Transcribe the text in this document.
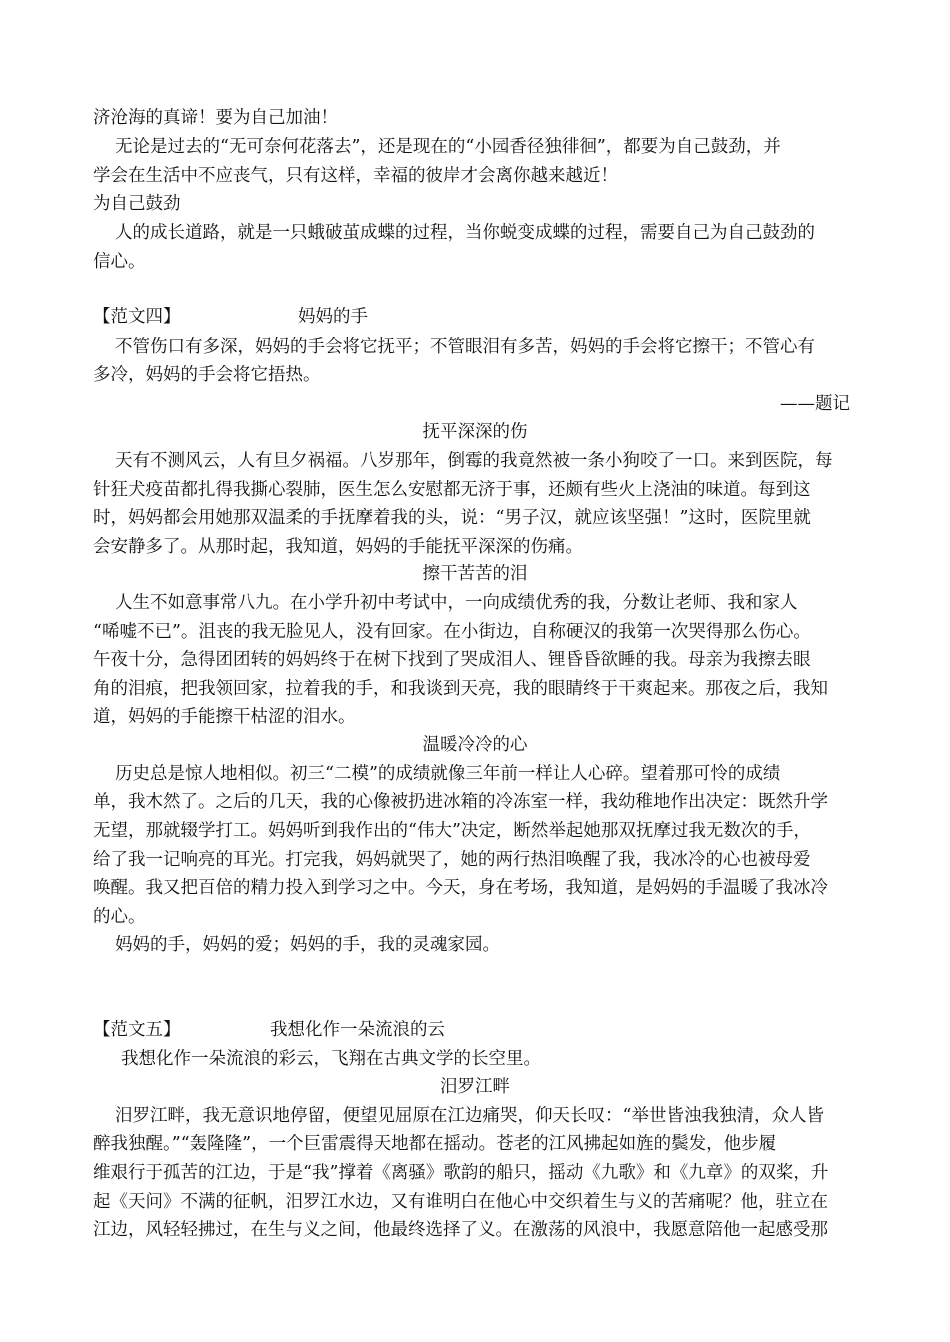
济沧海的真谛！要为自己加油！
无论是过去的“无可奈何花落去”，还是现在的“小园香径独徘徊”，都要为自己鼓劲，并
学会在生活中不应丧气，只有这样，幸福的彼岸才会离你越来越近！
为自己鼓劲
人的成长道路，就是一只蛾破茧成蝶的过程，当你蜕变成蝶的过程，需要自己为自己鼓劲的
信心。
【范文四】	妈妈的手
不管伤口有多深，妈妈的手会将它抚平；不管眼泪有多苦，妈妈的手会将它擦干；不管心有
多冷，妈妈的手会将它捂热。
——题记
抚平深深的伤
天有不测风云，人有旦夕祸福。八岁那年，倒霉的我竟然被一条小狗咬了一口。来到医院，每
针狂犬疫苗都扎得我撕心裂肺，医生怎么安慰都无济于事，还颇有些火上浇油的味道。每到这
时，妈妈都会用她那双温柔的手抚摩着我的头，说：“男子汉，就应该坚强！”这时，医院里就
会安静多了。从那时起，我知道，妈妈的手能抚平深深的伤痛。
擦干苦苦的泪
人生不如意事常八九。在小学升初中考试中，一向成绩优秀的我，分数让老师、我和家人
“唏嘘不已”。沮丧的我无脸见人，没有回家。在小街边，自称硬汉的我第一次哭得那么伤心。
午夜十分，急得团团转的妈妈终于在树下找到了哭成泪人、锂昏昏欲睡的我。母亲为我擦去眼
角的泪痕，把我领回家，拉着我的手，和我谈到天亮，我的眼睛终于干爽起来。那夜之后，我知
道，妈妈的手能擦干枯涩的泪水。
温暖冷冷的心
历史总是惊人地相似。初三“二模”的成绩就像三年前一样让人心碎。望着那可怜的成绩
单，我木然了。之后的几天，我的心像被扔进冰箱的冷冻室一样，我幼稚地作出决定：既然升学
无望，那就辍学打工。妈妈听到我作出的“伟大”决定，断然举起她那双抚摩过我无数次的手，
给了我一记响亮的耳光。打完我，妈妈就哭了，她的两行热泪唤醒了我，我冰冷的心也被母爱
唤醒。我又把百倍的精力投入到学习之中。今天，身在考场，我知道，是妈妈的手温暖了我冰冷
的心。
妈妈的手，妈妈的爱；妈妈的手，我的灵魂家园。
【范文五】	我想化作一朵流浪的云
我想化作一朵流浪的彩云，飞翔在古典文学的长空里。
汨罗江畔
汨罗江畔，我无意识地停留，便望见屈原在江边痛哭，仰天长叹：“举世皆浊我独清，众人皆
醉我独醒。”“轰隆隆”，一个巨雷震得天地都在摇动。苍老的江风拂起如旌的鬓发，他步履
维艰行于孤苦的江边，于是“我”撑着《离骚》歌韵的船只，摇动《九歌》和《九章》的双桨，升
起《天问》不满的征帆，汨罗江水边，又有谁明白在他心中交织着生与义的苦痛呢？他，驻立在
江边，风轻轻拂过，在生与义之间，他最终选择了义。在激荡的风浪中，我愿意陪他一起感受那
